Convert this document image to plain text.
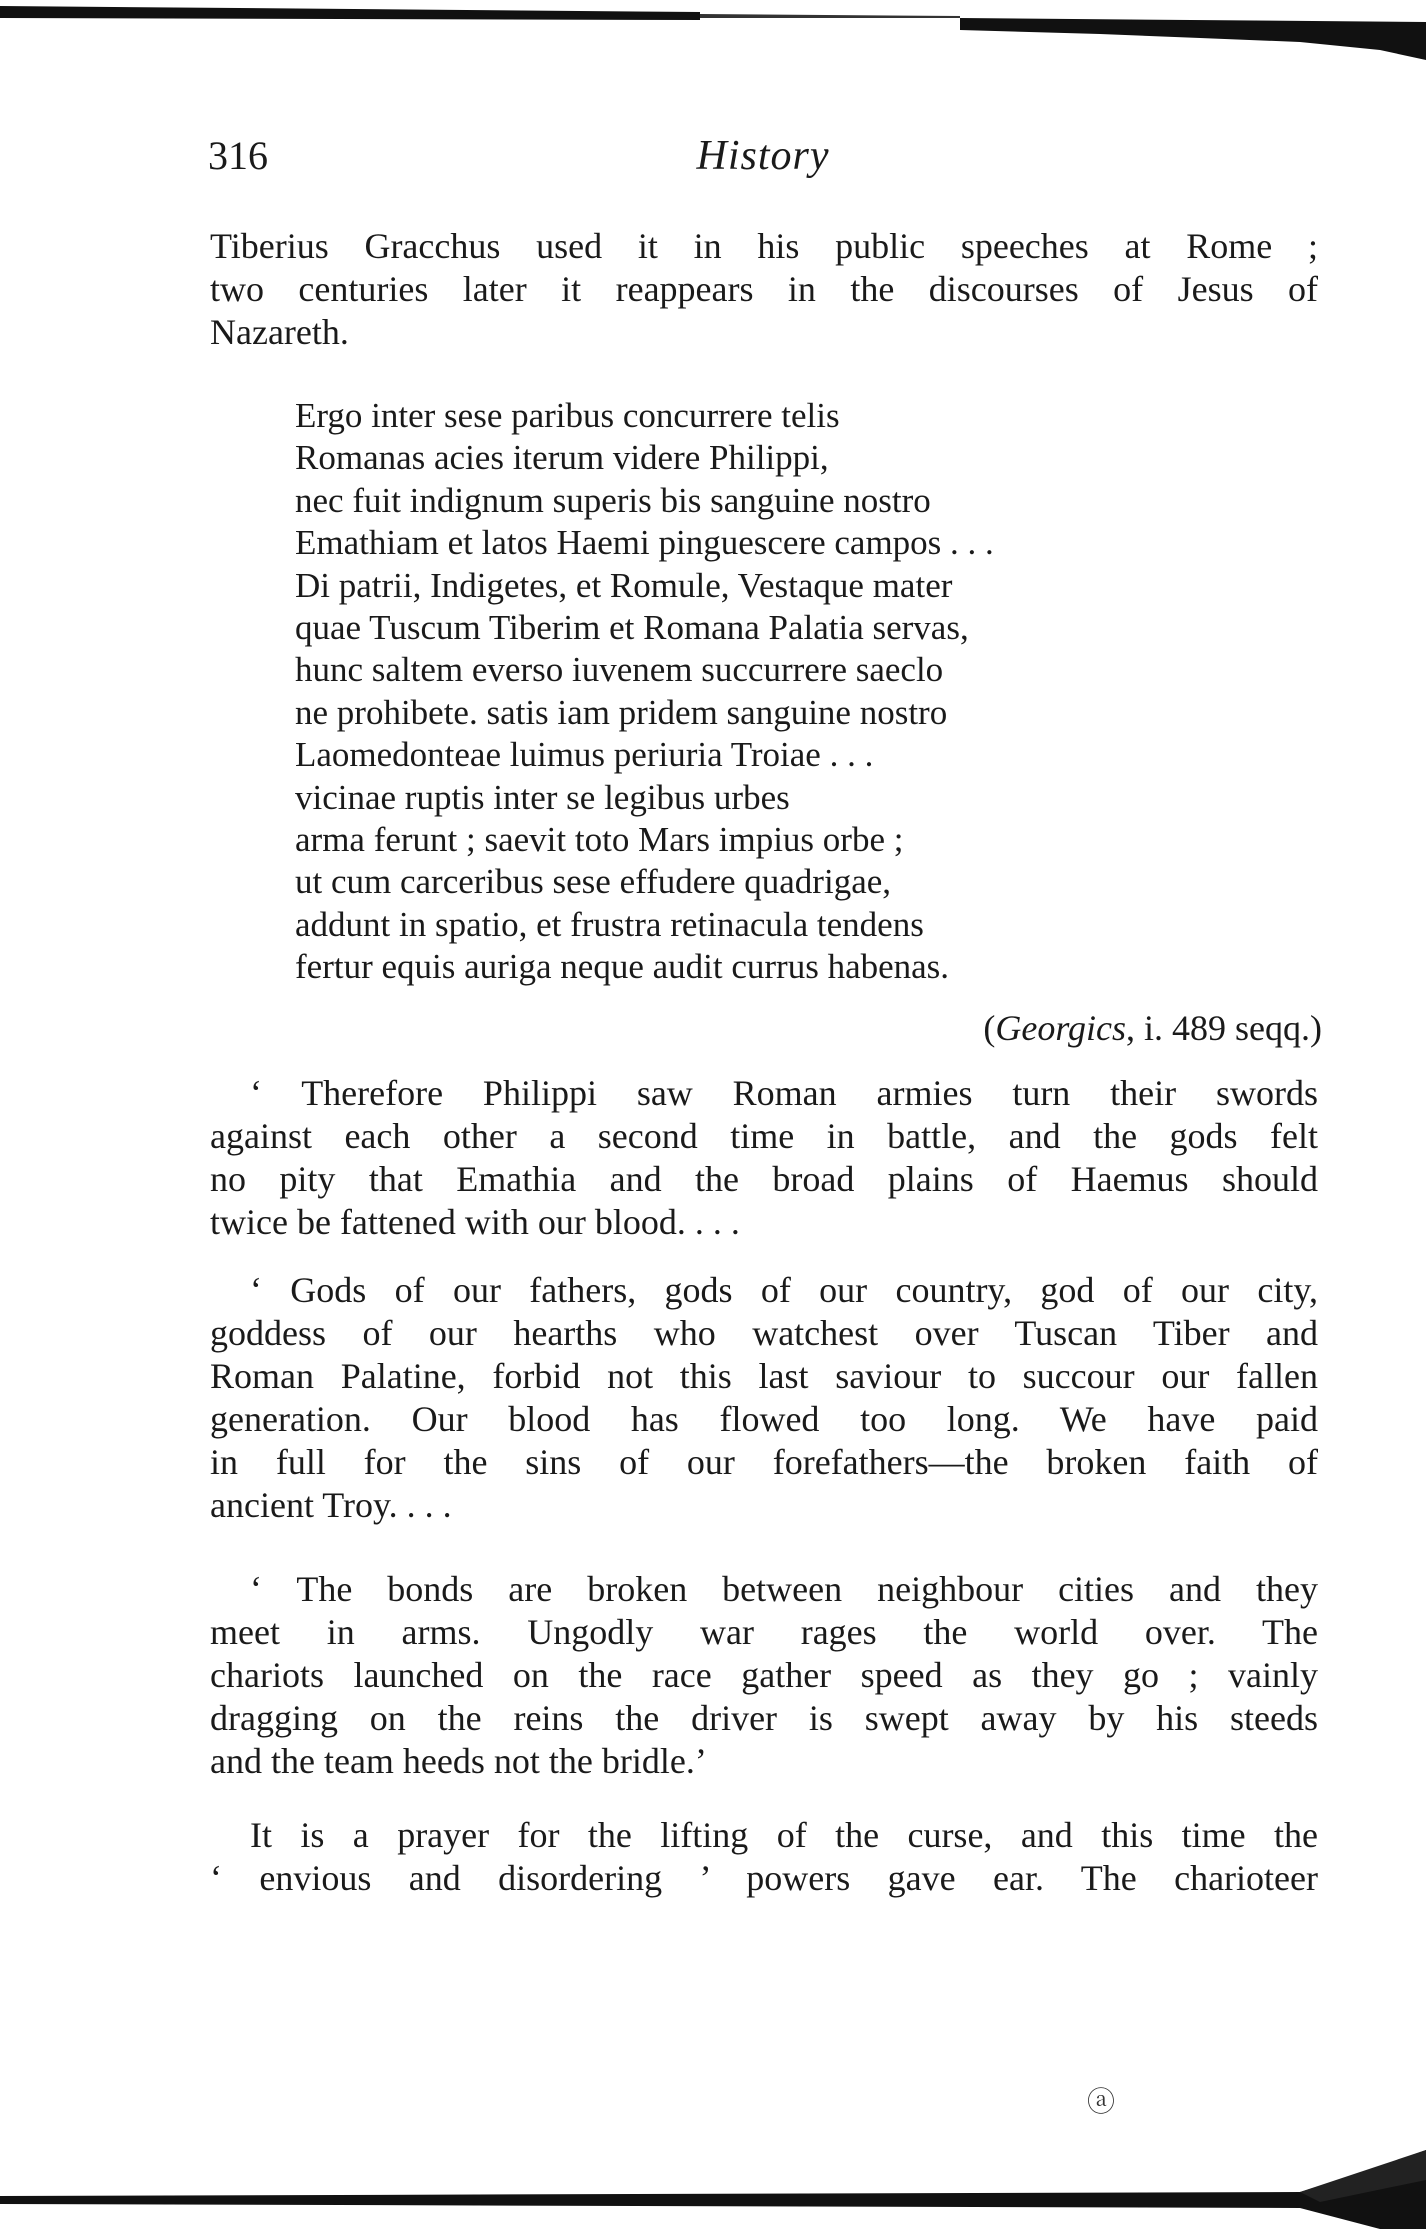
316	History
Tiberius Gracchus used it in his public speeches at Rome ;
two centuries later it reappears in the discourses of Jesus of
Nazareth.
Ergo inter sese paribus concurrere telis
Romanas acies iterum videre Philippi,
nec fuit indignum superis bis sanguine nostro
Emathiam et latos Haemi pinguescere campos . . .
Di patrii, Indigetes, et Romule, Vestaque mater
quae Tuscum Tiberim et Romana Palatia servas,
hunc saltem everso iuvenem succurrere saeclo
ne prohibete. satis iam pridem sanguine nostro
Laomedonteae luimus periuria Troiae . . .
vicinae ruptis inter se legibus urbes
arma ferunt ; saevit toto Mars impius orbe ;
ut cum carceribus sese effudere quadrigae,
addunt in spatio, et frustra retinacula tendens
fertur equis auriga neque audit currus habenas.
(Georgics, i. 489 seqq.)
‘ Therefore Philippi saw Roman armies turn their swords
against each other a second time in battle, and the gods felt
no pity that Emathia and the broad plains of Haemus should
twice be fattened with our blood. . . .
‘ Gods of our fathers, gods of our country, god of our city,
goddess of our hearths who watchest over Tuscan Tiber and
Roman Palatine, forbid not this last saviour to succour our fallen
generation. Our blood has flowed too long. We have paid
in full for the sins of our forefathers—the broken faith of
ancient Troy. . . .
‘ The bonds are broken between neighbour cities and they
meet in arms. Ungodly war rages the world over. The
chariots launched on the race gather speed as they go ; vainly
dragging on the reins the driver is swept away by his steeds
and the team heeds not the bridle.’
It is a prayer for the lifting of the curse, and this time the
‘ envious and disordering ’ powers gave ear. The charioteer
ⓐ
